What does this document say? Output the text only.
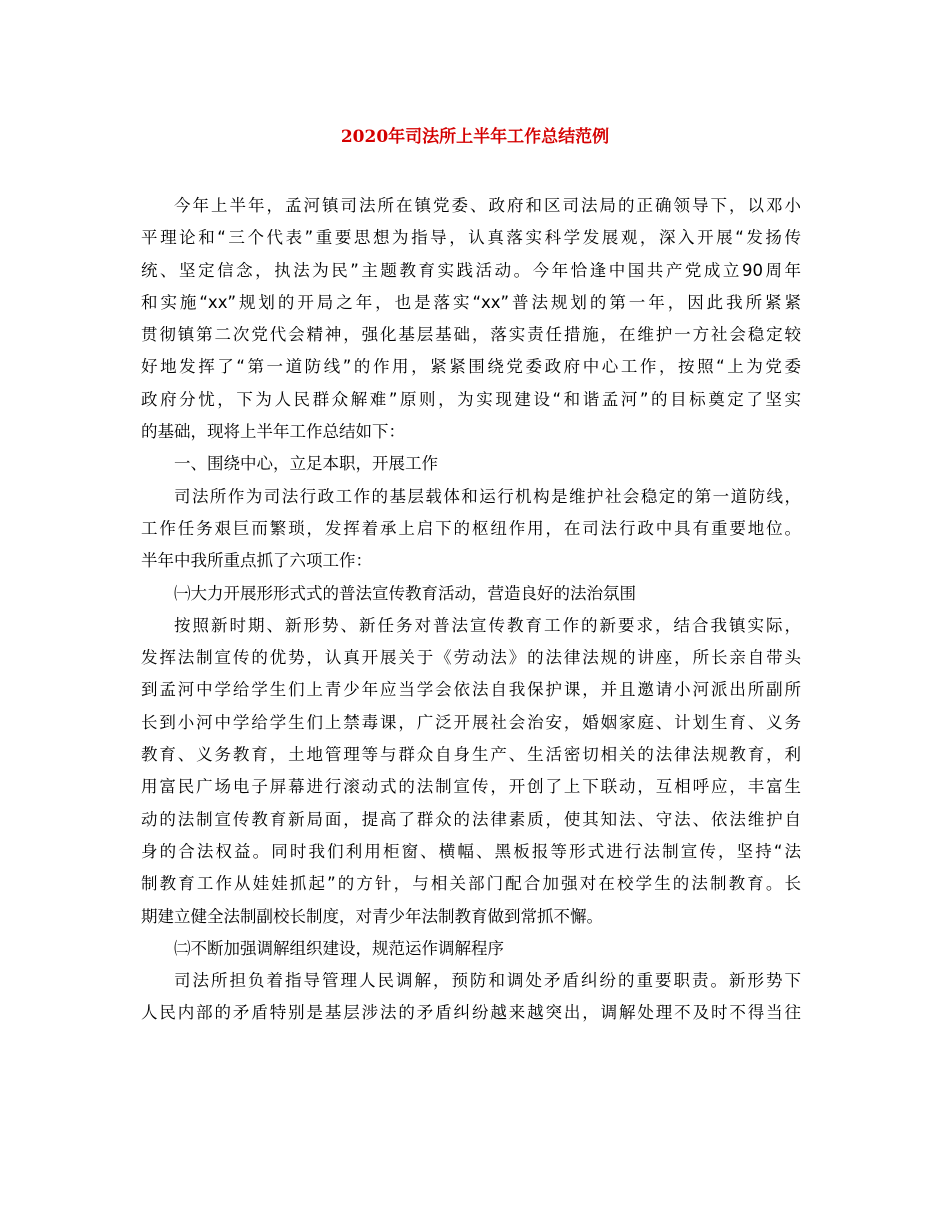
2020年司法所上半年工作总结范例
今年上半年，孟河镇司法所在镇党委、政府和区司法局的正确领导下，以邓小
平理论和“三个代表”重要思想为指导，认真落实科学发展观，深入开展“发扬传
统、坚定信念，执法为民”主题教育实践活动。今年恰逢中国共产党成立90周年
和实施“xx”规划的开局之年，也是落实“xx”普法规划的第一年，因此我所紧紧
贯彻镇第二次党代会精神，强化基层基础，落实责任措施，在维护一方社会稳定较
好地发挥了“第一道防线”的作用，紧紧围绕党委政府中心工作，按照“上为党委
政府分忧，下为人民群众解难”原则，为实现建设“和谐孟河”的目标奠定了坚实
的基础，现将上半年工作总结如下：
一、围绕中心，立足本职，开展工作
司法所作为司法行政工作的基层载体和运行机构是维护社会稳定的第一道防线，
工作任务艰巨而繁琐，发挥着承上启下的枢纽作用，在司法行政中具有重要地位。
半年中我所重点抓了六项工作：
㈠大力开展形形式式的普法宣传教育活动，营造良好的法治氛围
按照新时期、新形势、新任务对普法宣传教育工作的新要求，结合我镇实际，
发挥法制宣传的优势，认真开展关于《劳动法》的法律法规的讲座，所长亲自带头
到孟河中学给学生们上青少年应当学会依法自我保护课，并且邀请小河派出所副所
长到小河中学给学生们上禁毒课，广泛开展社会治安，婚姻家庭、计划生育、义务
教育、义务教育，土地管理等与群众自身生产、生活密切相关的法律法规教育，利
用富民广场电子屏幕进行滚动式的法制宣传，开创了上下联动，互相呼应，丰富生
动的法制宣传教育新局面，提高了群众的法律素质，使其知法、守法、依法维护自
身的合法权益。同时我们利用柜窗、横幅、黑板报等形式进行法制宣传，坚持“法
制教育工作从娃娃抓起”的方针，与相关部门配合加强对在校学生的法制教育。长
期建立健全法制副校长制度，对青少年法制教育做到常抓不懈。
㈡不断加强调解组织建设，规范运作调解程序
司法所担负着指导管理人民调解，预防和调处矛盾纠纷的重要职责。新形势下
人民内部的矛盾特别是基层涉法的矛盾纠纷越来越突出，调解处理不及时不得当往
